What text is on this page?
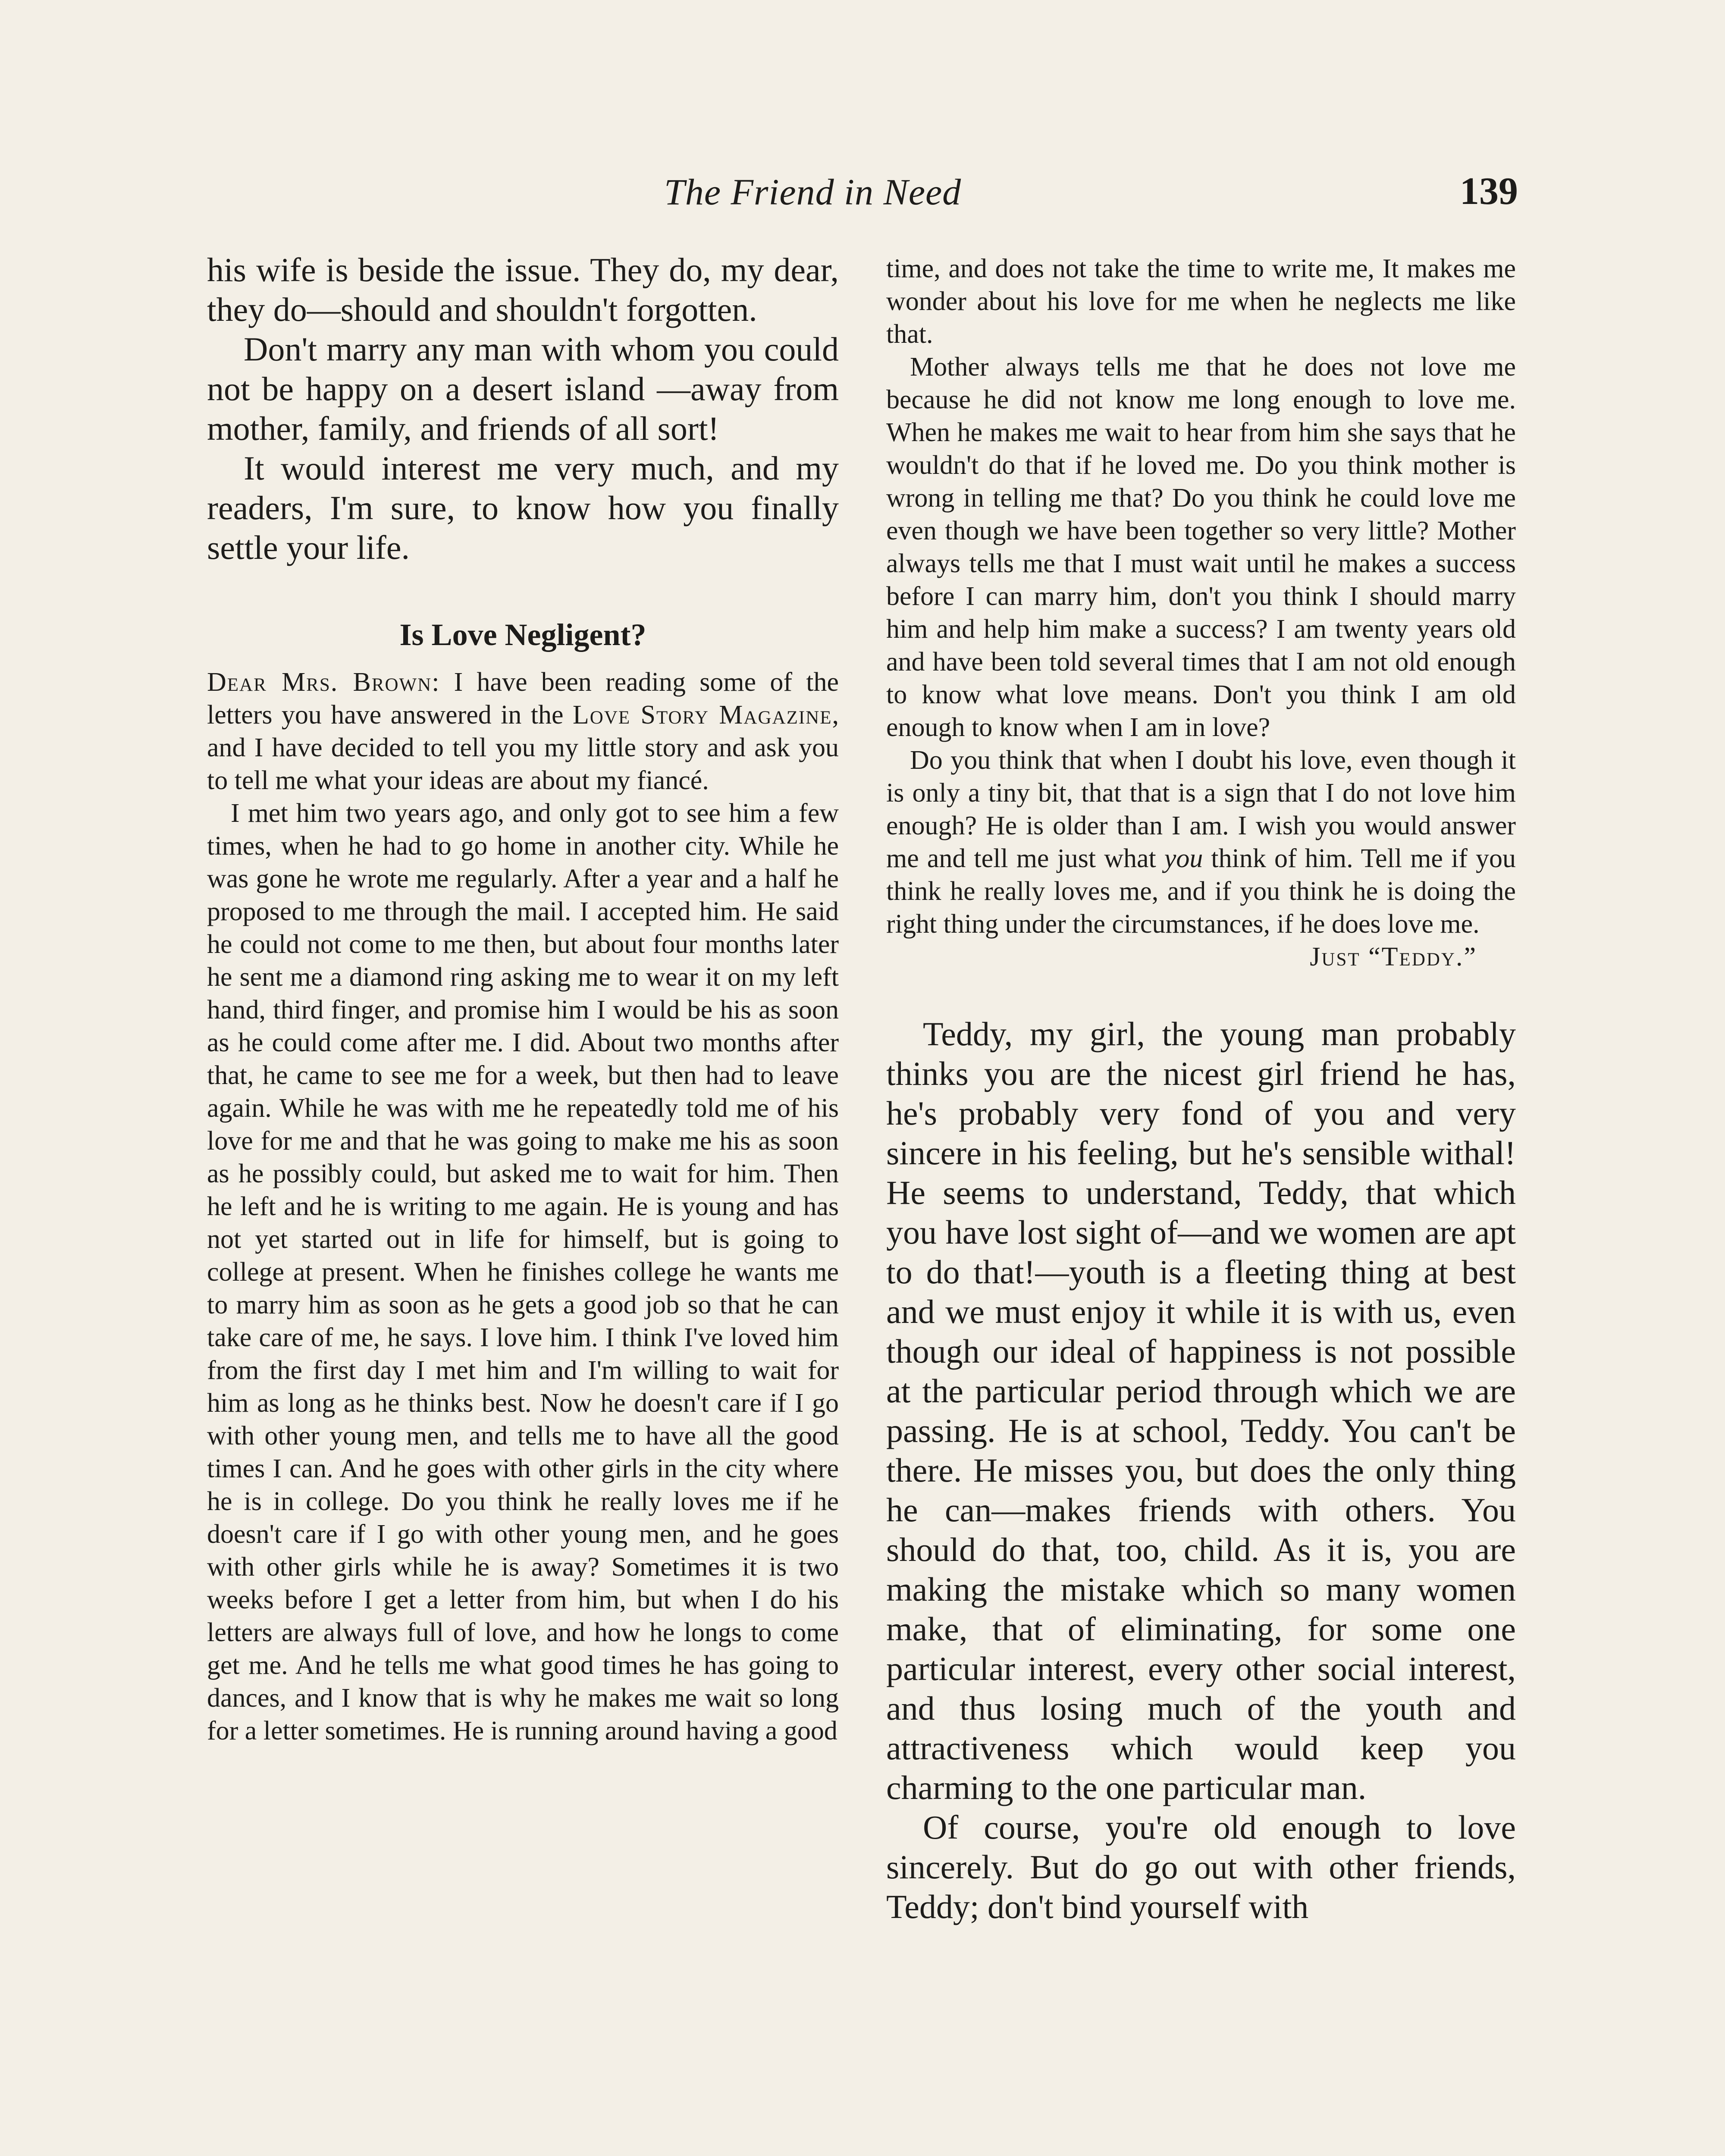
The Friend in Need	139

his wife is beside the issue. They do, my dear, they do—should and shouldn't forgotten.

Don't marry any man with whom you could not be happy on a desert island —away from mother, family, and friends of all sort!

It would interest me very much, and my readers, I'm sure, to know how you finally settle your life.

Is Love Negligent?

Dear Mrs. Brown: I have been reading some of the letters you have answered in the Love Story Magazine, and I have decided to tell you my little story and ask you to tell me what your ideas are about my fiancé.

I met him two years ago, and only got to see him a few times, when he had to go home in another city. While he was gone he wrote me regularly. After a year and a half he proposed to me through the mail. I accepted him. He said he could not come to me then, but about four months later he sent me a diamond ring asking me to wear it on my left hand, third finger, and promise him I would be his as soon as he could come after me. I did. About two months after that, he came to see me for a week, but then had to leave again. While he was with me he repeatedly told me of his love for me and that he was going to make me his as soon as he possibly could, but asked me to wait for him. Then he left and he is writing to me again. He is young and has not yet started out in life for himself, but is going to college at present. When he finishes college he wants me to marry him as soon as he gets a good job so that he can take care of me, he says. I love him. I think I've loved him from the first day I met him and I'm willing to wait for him as long as he thinks best. Now he doesn't care if I go with other young men, and tells me to have all the good times I can. And he goes with other girls in the city where he is in college. Do you think he really loves me if he doesn't care if I go with other young men, and he goes with other girls while he is away? Sometimes it is two weeks before I get a letter from him, but when I do his letters are always full of love, and how he longs to come get me. And he tells me what good times he has going to dances, and I know that is why he makes me wait so long for a letter sometimes. He is running around having a good

time, and does not take the time to write me, It makes me wonder about his love for me when he neglects me like that.

Mother always tells me that he does not love me because he did not know me long enough to love me. When he makes me wait to hear from him she says that he wouldn't do that if he loved me. Do you think mother is wrong in telling me that? Do you think he could love me even though we have been together so very little? Mother always tells me that I must wait until he makes a success before I can marry him, don't you think I should marry him and help him make a success? I am twenty years old and have been told several times that I am not old enough to know what love means. Don't you think I am old enough to know when I am in love?

Do you think that when I doubt his love, even though it is only a tiny bit, that that is a sign that I do not love him enough? He is older than I am. I wish you would answer me and tell me just what you think of him. Tell me if you think he really loves me, and if you think he is doing the right thing under the circumstances, if he does love me.

Just “Teddy.”

Teddy, my girl, the young man probably thinks you are the nicest girl friend he has, he's probably very fond of you and very sincere in his feeling, but he's sensible withal! He seems to understand, Teddy, that which you have lost sight of—and we women are apt to do that!—youth is a fleeting thing at best and we must enjoy it while it is with us, even though our ideal of happiness is not possible at the particular period through which we are passing. He is at school, Teddy. You can't be there. He misses you, but does the only thing he can—makes friends with others. You should do that, too, child. As it is, you are making the mistake which so many women make, that of eliminating, for some one particular interest, every other social interest, and thus losing much of the youth and attractiveness which would keep you charming to the one particular man.

Of course, you're old enough to love sincerely. But do go out with other friends, Teddy; don't bind yourself with
